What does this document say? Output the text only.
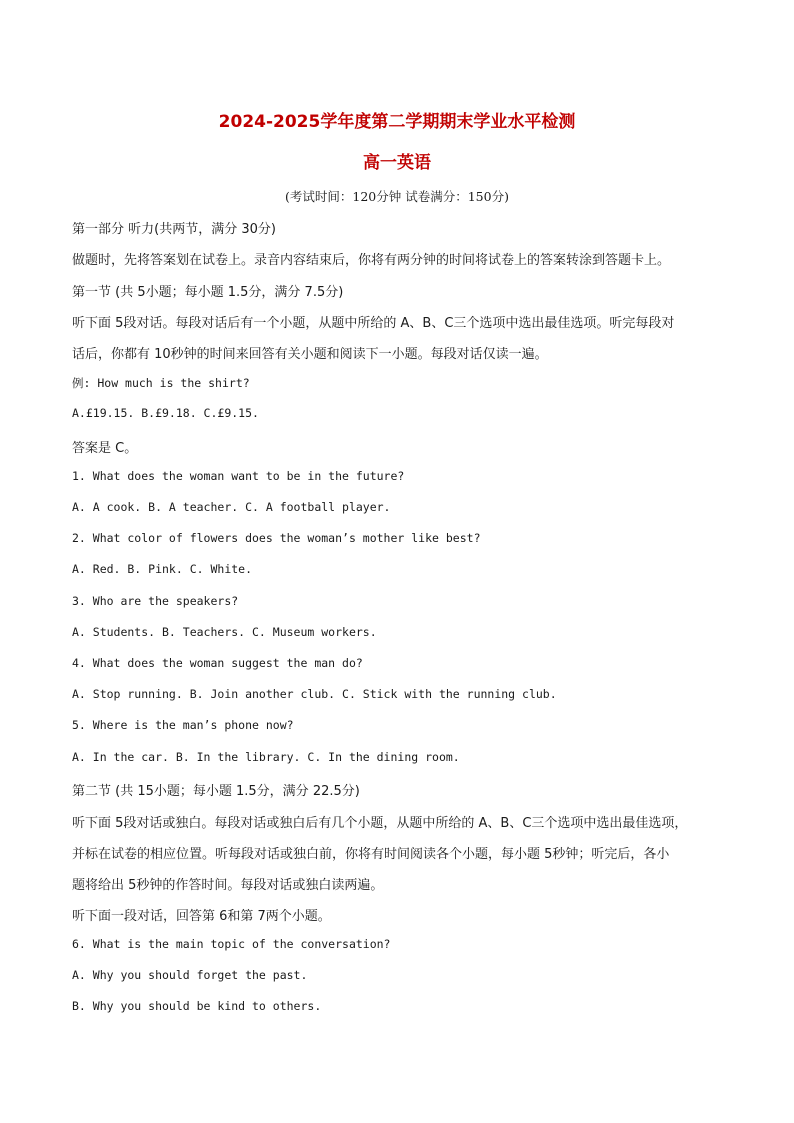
2024-2025学年度第二学期期末学业水平检测
高一英语
(考试时间：120分钟 试卷满分：150分)
第一部分 听力(共两节，满分 30分)
做题时，先将答案划在试卷上。录音内容结束后，你将有两分钟的时间将试卷上的答案转涂到答题卡上。
第一节 (共 5小题；每小题 1.5分，满分 7.5分)
听下面 5段对话。每段对话后有一个小题，从题中所给的 A、B、C三个选项中选出最佳选项。听完每段对
话后，你都有 10秒钟的时间来回答有关小题和阅读下一小题。每段对话仅读一遍。
例: How much is the shirt?
A.£19.15. B.£9.18. C.£9.15.
答案是 C。
1. What does the woman want to be in the future?
A. A cook. B. A teacher. C. A football player.
2. What color of flowers does the woman’s mother like best?
A. Red. B. Pink. C. White.
3. Who are the speakers?
A. Students. B. Teachers. C. Museum workers.
4. What does the woman suggest the man do?
A. Stop running. B. Join another club. C. Stick with the running club.
5. Where is the man’s phone now?
A. In the car. B. In the library. C. In the dining room.
第二节 (共 15小题；每小题 1.5分，满分 22.5分)
听下面 5段对话或独白。每段对话或独白后有几个小题，从题中所给的 A、B、C三个选项中选出最佳选项，
并标在试卷的相应位置。听每段对话或独白前，你将有时间阅读各个小题，每小题 5秒钟；听完后，各小
题将给出 5秒钟的作答时间。每段对话或独白读两遍。
听下面一段对话，回答第 6和第 7两个小题。
6. What is the main topic of the conversation?
A. Why you should forget the past.
B. Why you should be kind to others.
